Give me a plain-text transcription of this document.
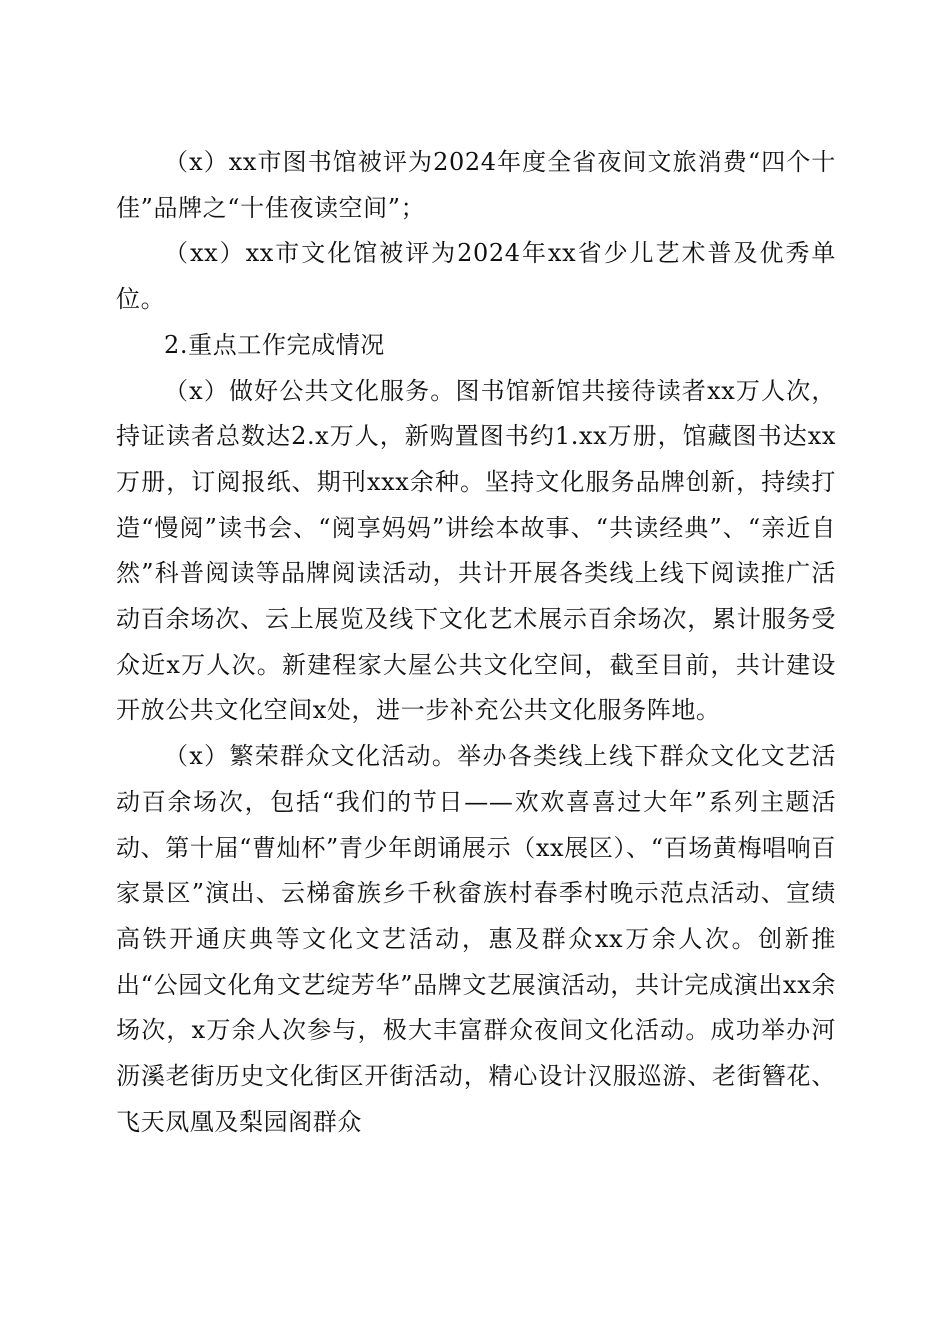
（x）xx市图书馆被评为2024年度全省夜间文旅消费“四个十佳”品牌之“十佳夜读空间”；

（xx）xx市文化馆被评为2024年xx省少儿艺术普及优秀单位。

2.重点工作完成情况

（x）做好公共文化服务。图书馆新馆共接待读者xx万人次，持证读者总数达2.x万人，新购置图书约1.xx万册，馆藏图书达xx万册，订阅报纸、期刊xxx余种。坚持文化服务品牌创新，持续打造“慢阅”读书会、“阅享妈妈”讲绘本故事、“共读经典”、“亲近自然”科普阅读等品牌阅读活动，共计开展各类线上线下阅读推广活动百余场次、云上展览及线下文化艺术展示百余场次，累计服务受众近x万人次。新建程家大屋公共文化空间，截至目前，共计建设开放公共文化空间x处，进一步补充公共文化服务阵地。

（x）繁荣群众文化活动。举办各类线上线下群众文化文艺活动百余场次，包括“我们的节日——欢欢喜喜过大年”系列主题活动、第十届“曹灿杯”青少年朗诵展示（xx展区）、“百场黄梅唱响百家景区”演出、云梯畲族乡千秋畲族村春季村晚示范点活动、宣绩高铁开通庆典等文化文艺活动，惠及群众xx万余人次。创新推出“公园文化角文艺绽芳华”品牌文艺展演活动，共计完成演出xx余场次，x万余人次参与，极大丰富群众夜间文化活动。成功举办河沥溪老街历史文化街区开街活动，精心设计汉服巡游、老街簪花、飞天凤凰及梨园阁群众
